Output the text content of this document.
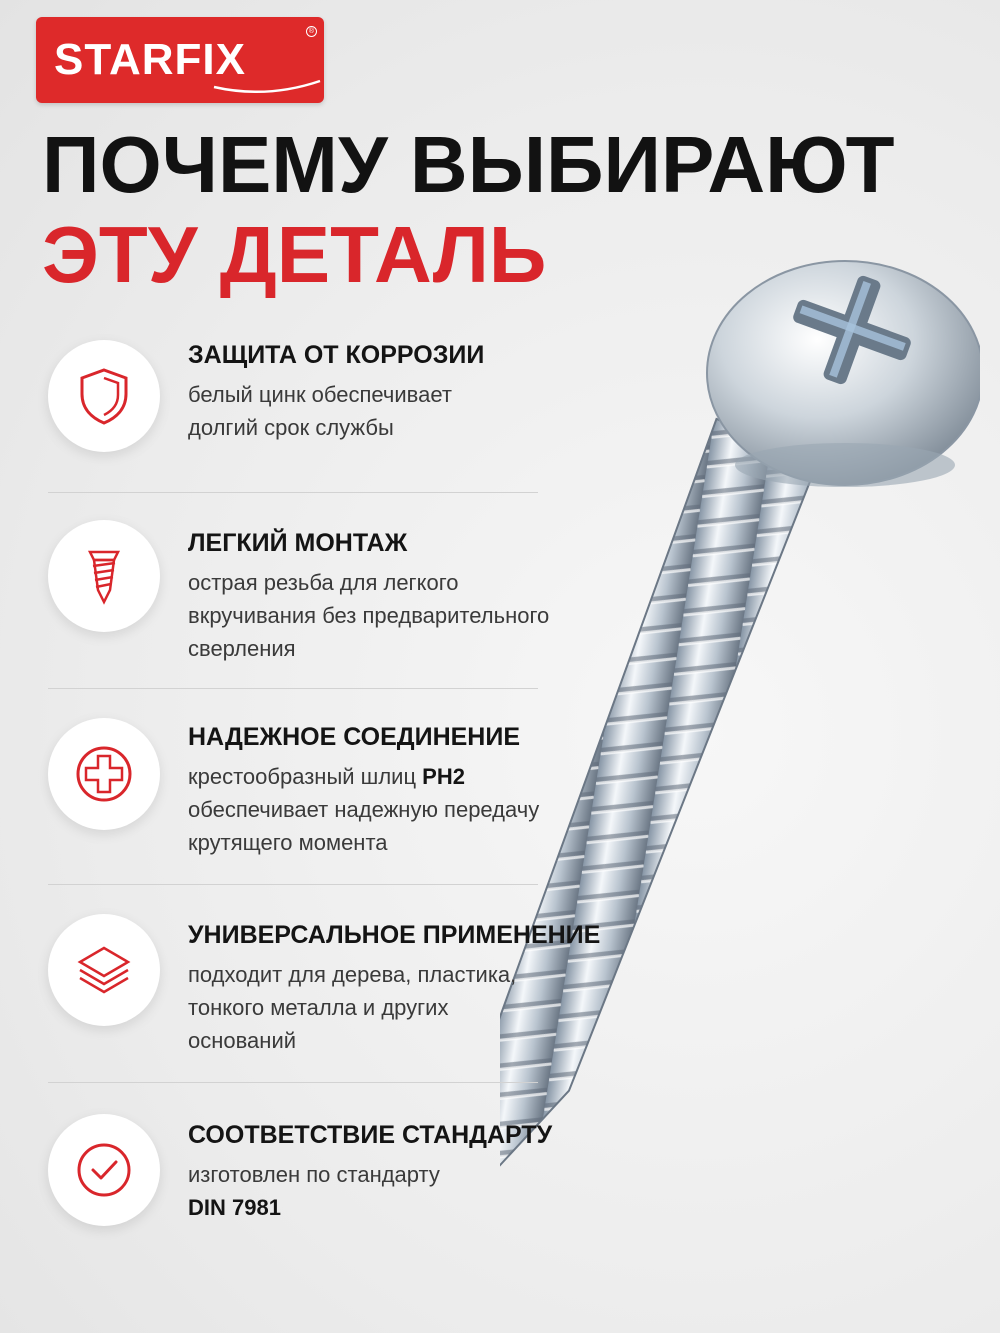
STARFIX
®
ПОЧЕМУ ВЫБИРАЮТ
ЭТУ ДЕТАЛЬ
ЗАЩИТА ОТ КОРРОЗИИ
белый цинк обеспечивает
долгий срок службы
ЛЕГКИЙ МОНТАЖ
острая резьба для легкого
вкручивания без предварительного
сверления
НАДЕЖНОЕ СОЕДИНЕНИЕ
крестообразный шлиц PH2
обеспечивает надежную передачу
крутящего момента
УНИВЕРСАЛЬНОЕ ПРИМЕНЕНИЕ
подходит для дерева, пластика,
тонкого металла и других
оснований
СООТВЕТСТВИЕ СТАНДАРТУ
изготовлен по стандарту
DIN 7981
